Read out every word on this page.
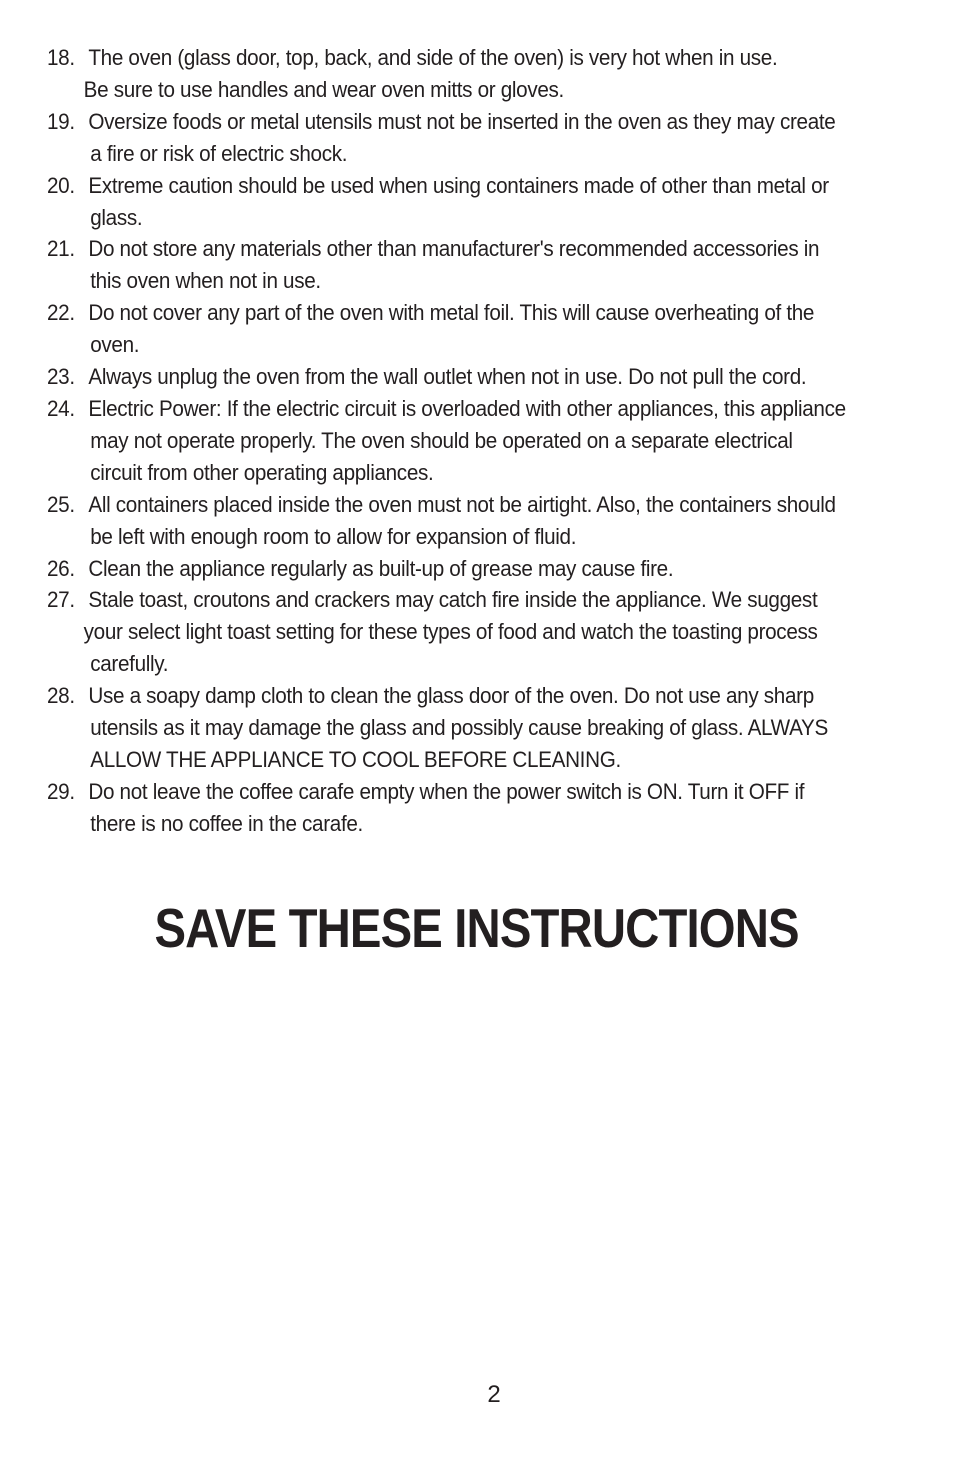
18. The oven (glass door, top, back, and side of the oven) is very hot when in use.
Be sure to use handles and wear oven mitts or gloves.
19. Oversize foods or metal utensils must not be inserted in the oven as they may create
a fire or risk of electric shock.
20. Extreme caution should be used when using containers made of other than metal or
glass.
21. Do not store any materials other than manufacturer's recommended accessories in
this oven when not in use.
22. Do not cover any part of the oven with metal foil. This will cause overheating of the
oven.
23. Always unplug the oven from the wall outlet when not in use. Do not pull the cord.
24. Electric Power: If the electric circuit is overloaded with other appliances, this appliance
may not operate properly. The oven should be operated on a separate electrical
circuit from other operating appliances.
25. All containers placed inside the oven must not be airtight. Also, the containers should
be left with enough room to allow for expansion of fluid.
26. Clean the appliance regularly as built-up of grease may cause fire.
27. Stale toast, croutons and crackers may catch fire inside the appliance. We suggest
your select light toast setting for these types of food and watch the toasting process
carefully.
28. Use a soapy damp cloth to clean the glass door of the oven. Do not use any sharp
utensils as it may damage the glass and possibly cause breaking of glass. ALWAYS
ALLOW THE APPLIANCE TO COOL BEFORE CLEANING.
29. Do not leave the coffee carafe empty when the power switch is ON. Turn it OFF if
there is no coffee in the carafe.
SAVE THESE INSTRUCTIONS
2
